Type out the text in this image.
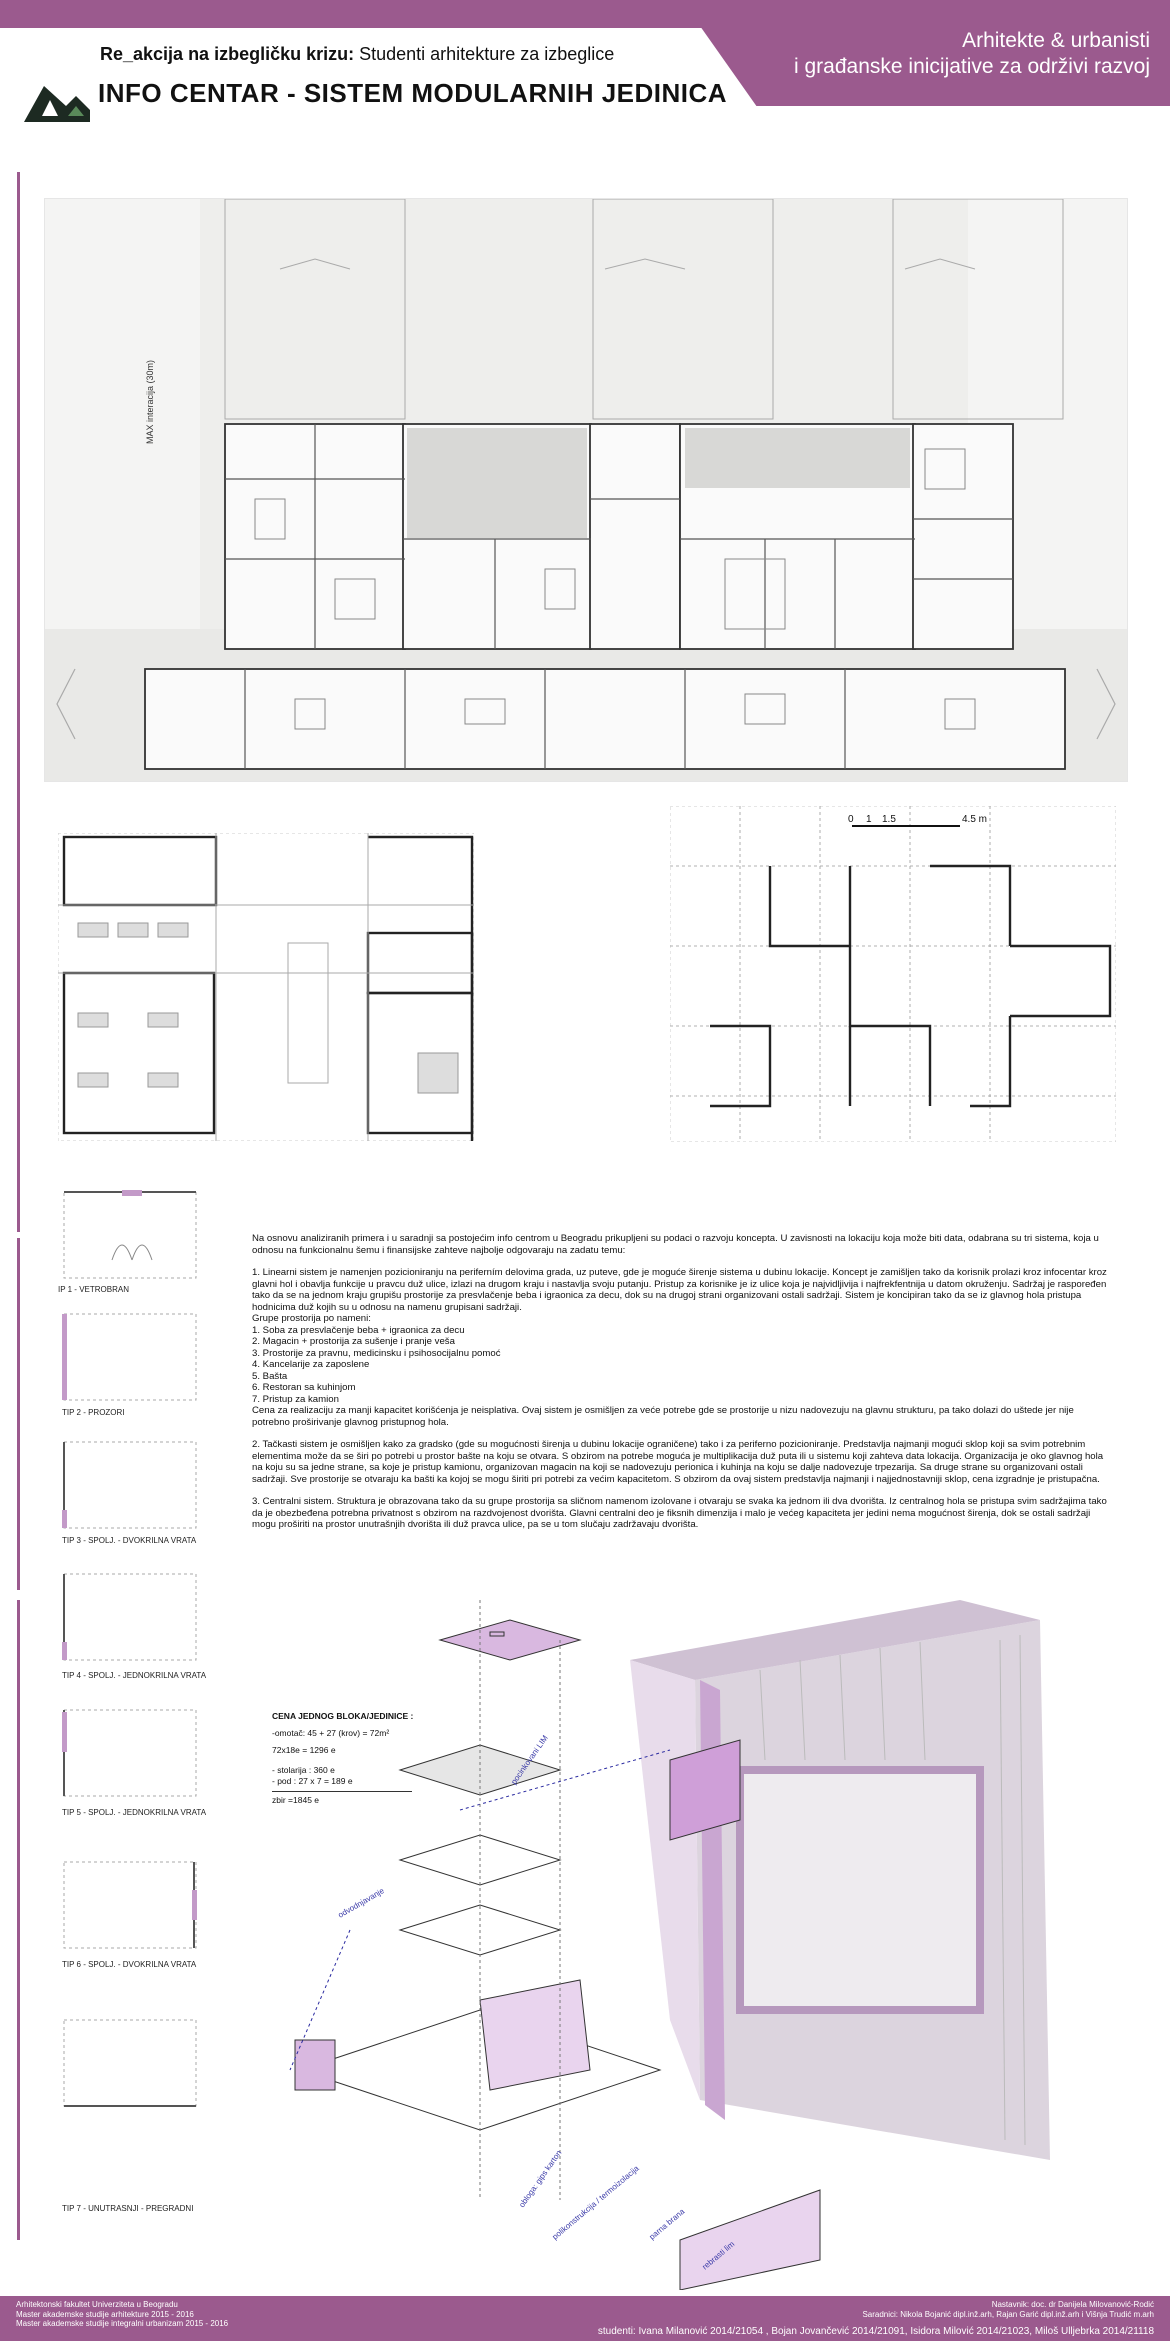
Arhitekte & urbanisti
i građanske inicijative za održivi razvoj
Re_akcija na izbegličku krizu: Studenti arhitekture za izbeglice
INFO CENTAR - SISTEM MODULARNIH JEDINICA
MAX interacija (30m)
0 1 1.5	4.5 m
IP 1 - VETROBRAN
TIP 2 - PROZORI
TIP 3 - SPOLJ. - DVOKRILNA VRATA
TIP 4 - SPOLJ. - JEDNOKRILNA VRATA
TIP 5 - SPOLJ. - JEDNOKRILNA VRATA
TIP 6 - SPOLJ. - DVOKRILNA VRATA
TIP 7 - UNUTRASNJI - PREGRADNI

Na osnovu analiziranih primera i u saradnji sa postojećim info centrom u Beogradu prikupljeni su podaci o razvoju koncepta. U zavisnosti na lokaciju koja može biti data, odabrana su tri sistema, koja u odnosu na funkcionalnu šemu i finansijske zahteve najbolje odgovaraju na zadatu temu:

1. Linearni sistem je namenjen pozicioniranju na periferním delovima grada, uz puteve, gde je moguće širenje sistema u dubinu lokacije. Koncept je zamišljen tako da korisnik prolazi kroz infocentar kroz glavni hol i obavlja funkcije u pravcu duž ulice, izlazi na drugom kraju i nastavlja svoju putanju. Pristup za korisnike je iz ulice koja je najvidljivija i najfrekfentnija u datom okruženju. Sadržaj je raspoređen tako da se na jednom kraju grupišu prostorije za presvlačenje beba i igraonica za decu, dok su na drugoj strani organizovani ostali sadržaji. Sistem je koncipiran tako da se iz glavnog hola pristupa hodnicima duž kojih su u odnosu na namenu grupisani sadržaji.
Grupe prostorija po nameni:
1. Soba za presvlačenje beba + igraonica za decu
2. Magacin + prostorija za sušenje i pranje veša
3. Prostorije za pravnu, medicinsku i psihosocijalnu pomoć
4. Kancelarije za zaposlene
5. Bašta
6. Restoran sa kuhinjom
7. Pristup za kamion

Cena za realizaciju za manji kapacitet korišćenja je neisplativa. Ovaj sistem je osmišljen za veće potrebe gde se prostorije u nizu nadovezuju na glavnu strukturu, pa tako dolazi do uštede jer nije potrebno proširivanje glavnog pristupnog hola.

2. Tačkasti sistem je osmišljen kako za gradsko (gde su mogućnosti širenja u dubinu lokacije ograničene) tako i za periferno pozicioniranje. Predstavlja najmanji mogući sklop koji sa svim potrebnim elementima može da se širi po potrebi u prostor bašte na koju se otvara. S obzirom na potrebe moguća je multiplikacija duž puta ili u sistemu koji zahteva data lokacija. Organizacija je oko glavnog hola na koju su sa jedne strane, sa koje je pristup kamionu, organizovan magacin na koji se nadovezuju perionica i kuhinja na koju se dalje nadovezuje trpezarija. Sa druge strane su organizovani ostali sadržaji. Sve prostorije se otvaraju ka bašti ka kojoj se mogu širiti pri potrebi za većim kapacitetom. S obzirom da ovaj sistem predstavlja najmanji i najjednostavniji sklop, cena izgradnje je pristupačna.

3. Centralni sistem. Struktura je obrazovana tako da su grupe prostorija sa sličnom namenom izolovane i otvaraju se svaka ka jednom ili dva dvorišta. Iz centralnog hola se pristupa svim sadržajima tako da je obezbeđena potrebna privatnost s obzirom na razdvojenost dvorišta. Glavni centralni deo je fiksnih dimenzija i malo je većeg kapaciteta jer jedini nema mogućnost širenja, dok se ostali sadržaji mogu proširiti na prostor unutrašnjih dvorišta ili duž pravca ulice, pa se u tom slučaju zadržavaju dvorišta.

CENA JEDNOG BLOKA/JEDINICE :
-omotač: 45 + 27 (krov) = 72m²
72x18e = 1296 e
- stolarija : 360 e
- pod : 27 x 7 = 189 e
zbir =1845 e
odvodnjavanje
pocinkovani LIM
obloga: gips karton
polikonstrukcija / termoizolacija parna brana
rebrasti lim
Arhitektonski fakultet Univerziteta u Beogradu
Master akademske studije arhitekture 2015 - 2016
Master akademske studije integralni urbanizam 2015 - 2016
Nastavnik: doc. dr Danijela Milovanović-Rodić
Saradnici: Nikola Bojanić dipl.inž.arh, Rajan Garić dipl.inž.arh i Višnja Trudić m.arh
studenti: Ivana Milanović 2014/21054 , Bojan Jovančević 2014/21091, Isidora Milović 2014/21023, Miloš Ulljebrka 2014/21118
